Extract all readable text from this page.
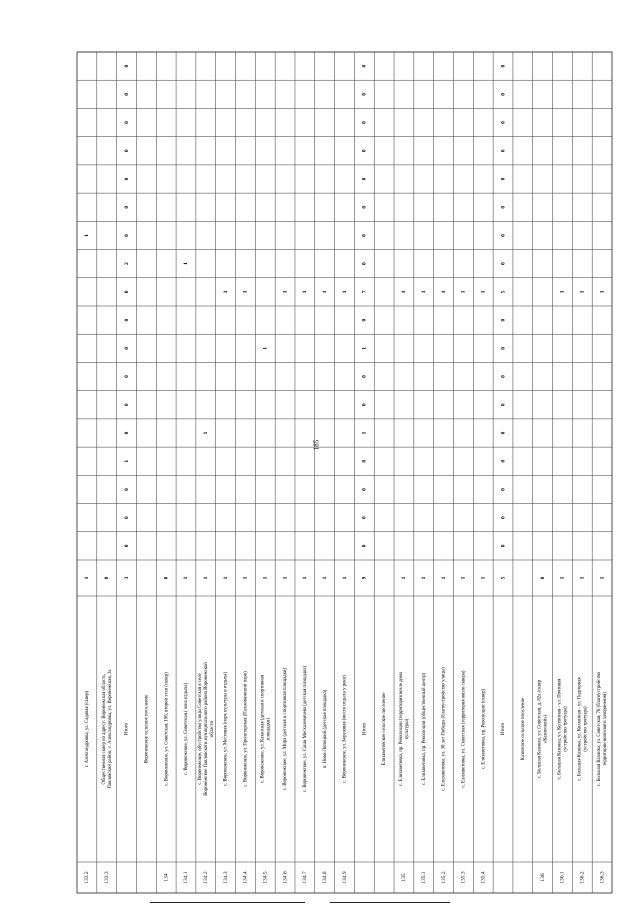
185
133.2
г. Александровка, ул. Садовая (сквер)
1
1
133.3
Общественная сквер по адресу: Воронежская область, Павловский район, с. Александровка, ул. Воронежская, 3а
0
Итого
3
0
0
0
1
0
0
0
0
0
0
2
0
0
0
0
0
0
0
Воронежское сельское поселение
134
с. Воронежское, ул. Советская, 19б, второй этап (сквер)
0
134.1
с. Воронежское, ул. Советская ( зона отдыха)
1
1
134.2
с. Воронежское, обустройство улицы Советская в селе Воронежское Павловского муниципального района Воронежской области
1
1
134.3
с. Воронежское, ул. Местовая (парк культуры и отдыха)
1
1
134.4
с. Воронежское, ул. Пролетарская (Пальчиковский парк)
1
1
134.5
с. Воронежское, ул. Казанская (детская и спортивная площадки)
1
1
134.6
с. Воронежское, ул. Мира (детская и спортивная площадки)
1
1
134.7
с. Воронежское, ул. Саши Москалевичева (детская площадка)
1
1
134.8
п. Ново-Липецкий (детская площадка)
1
1
134.9
с. Воронежское, ул. Березовая (место отдыха у реки)
1
1
Итого
9
0
0
0
0
1
0
0
1
0
7
0
0
0
0
0
0
0
0
Елизаветовское сельское поселение
135
с. Елизаветовка, пр. Революции (территория возле дома культуры)
1
1
135.1
с. Елизаветовка, пр. Революции (общественный центр)
1
1
135.2
с. Елизаветовка, ул. 30 лет Победы (благоустройство улицы)
1
1
135.3
с. Елизаветовка, ул. Советская (территория около сквера)
1
1
135.4
с. Елизаветовка, пр. Революции (сквер)
1
1
Итого
5
0
0
0
0
0
0
0
0
0
5
0
0
0
0
0
0
0
0
Казинское сельское поселение
136
с. Большая Казинка, ул. Советская, д. 82а (сквер «Казинский»)
0
136.1
с. Большая Казинка, ул. Колхозная - ул. Почтовая (устройство тротуара)
1
1
136.2
с. Большая Казинка, ул. Колхозная - ул. Подгорная (устройство тротуара)
1
1
136.3
с. Большая Казинка, ул. Советская, 78 (благоустройство территории воинского захоронения)
1
1
